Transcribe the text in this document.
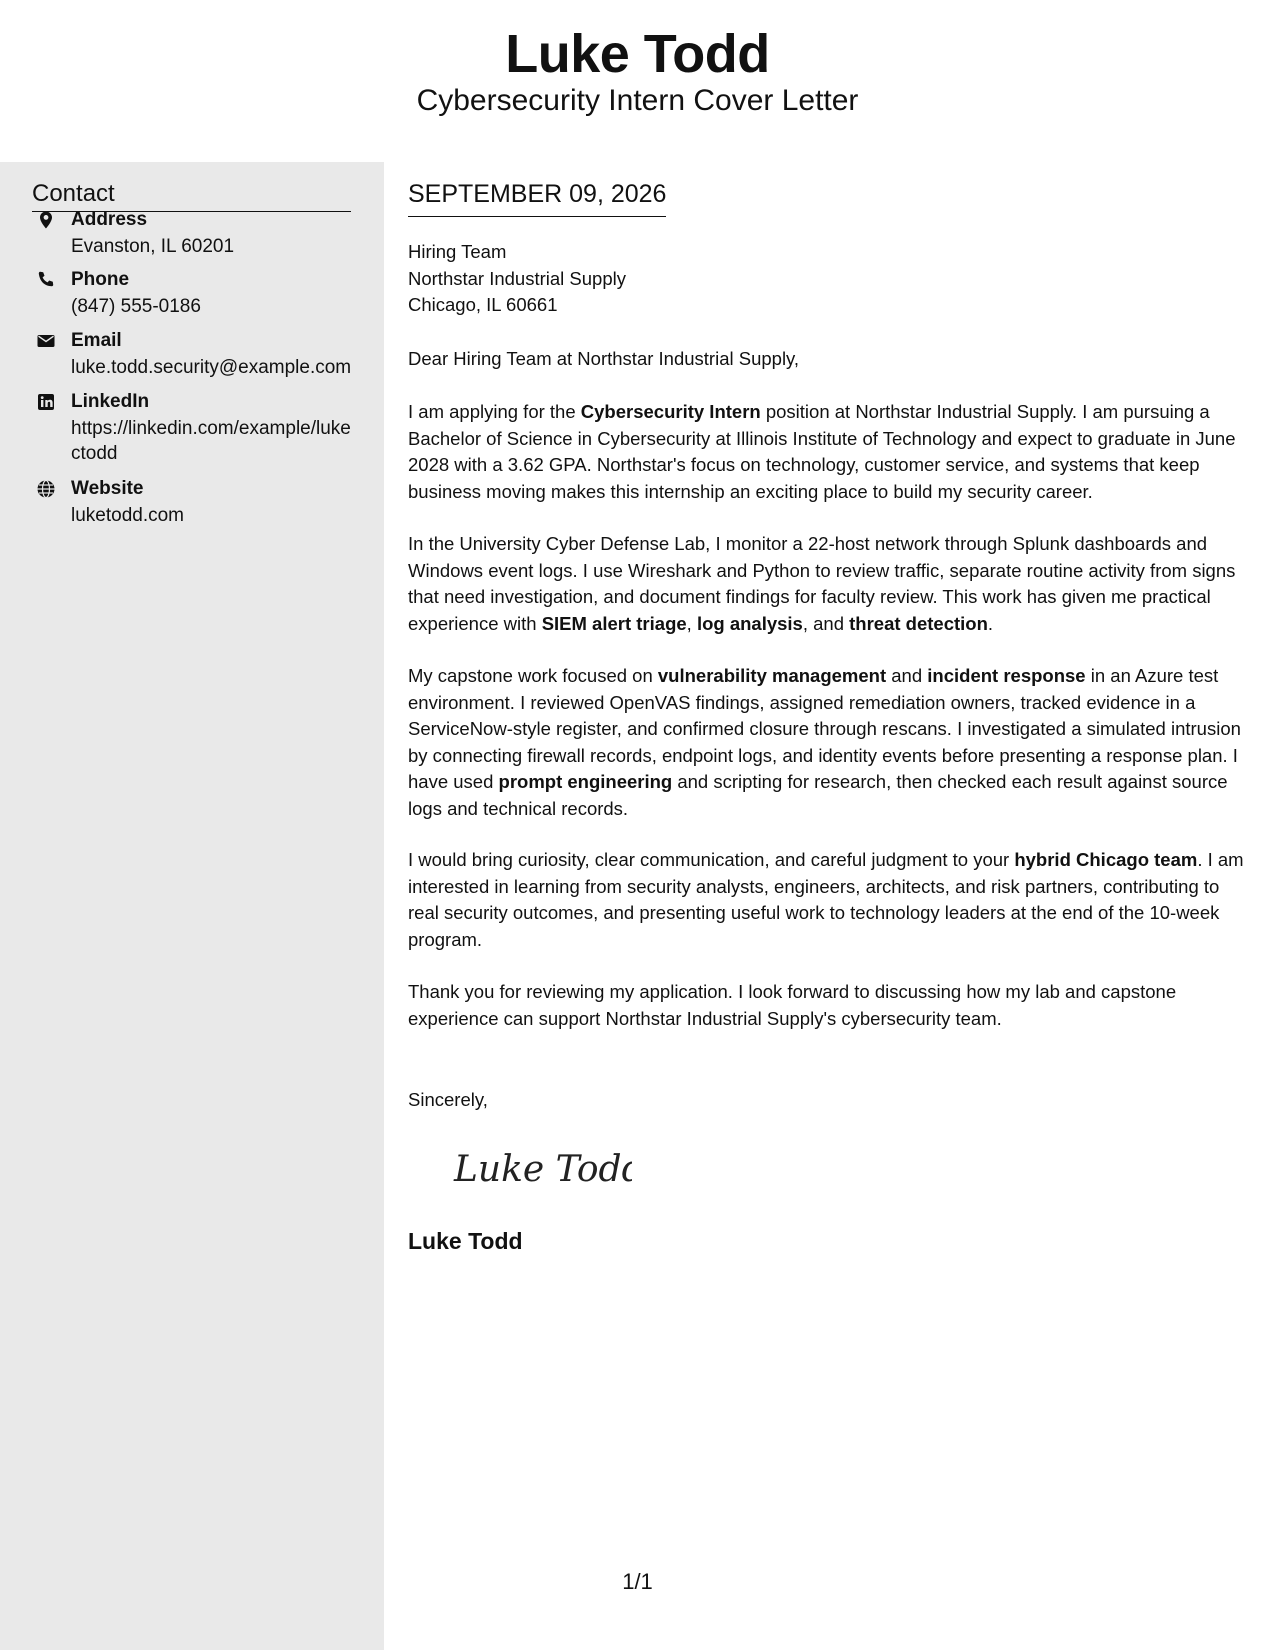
Luke Todd
Cybersecurity Intern Cover Letter
Contact
Address
Evanston, IL 60201
Phone
(847) 555-0186
Email
luke.todd.security@example.com
LinkedIn
https://linkedin.com/example/lukectodd
Website
luketodd.com
SEPTEMBER 09, 2026
Hiring Team
Northstar Industrial Supply
Chicago, IL 60661
Dear Hiring Team at Northstar Industrial Supply,

I am applying for the Cybersecurity Intern position at Northstar Industrial Supply. I am pursuing a Bachelor of Science in Cybersecurity at Illinois Institute of Technology and expect to graduate in June 2028 with a 3.62 GPA. Northstar's focus on technology, customer service, and systems that keep business moving makes this internship an exciting place to build my security career.

In the University Cyber Defense Lab, I monitor a 22-host network through Splunk dashboards and Windows event logs. I use Wireshark and Python to review traffic, separate routine activity from signs that need investigation, and document findings for faculty review. This work has given me practical experience with SIEM alert triage, log analysis, and threat detection.

My capstone work focused on vulnerability management and incident response in an Azure test environment. I reviewed OpenVAS findings, assigned remediation owners, tracked evidence in a ServiceNow-style register, and confirmed closure through rescans. I investigated a simulated intrusion by connecting firewall records, endpoint logs, and identity events before presenting a response plan. I have used prompt engineering and scripting for research, then checked each result against source logs and technical records.

I would bring curiosity, clear communication, and careful judgment to your hybrid Chicago team. I am interested in learning from security analysts, engineers, architects, and risk partners, contributing to real security outcomes, and presenting useful work to technology leaders at the end of the 10-week program.

Thank you for reviewing my application. I look forward to discussing how my lab and capstone experience can support Northstar Industrial Supply's cybersecurity team.

Sincerely,
Luke Todd
Luke Todd
1/1
